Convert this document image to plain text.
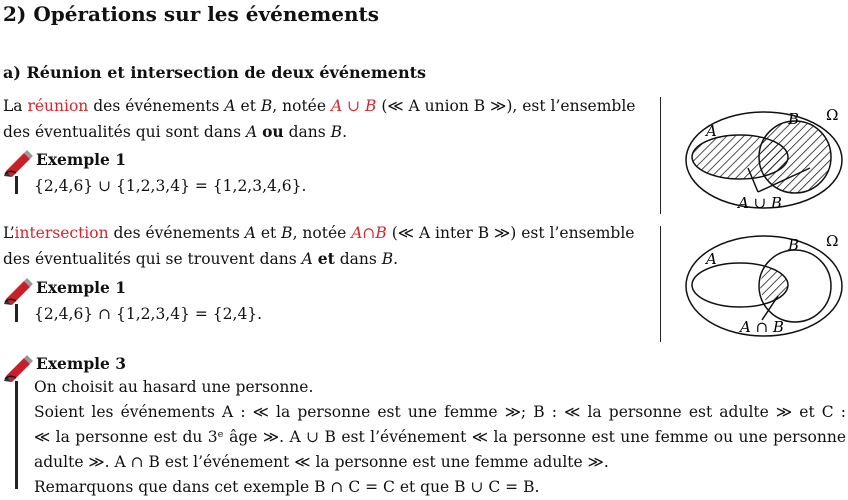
2) Opérations sur les événements
a) Réunion et intersection de deux événements
La réunion des événements A et B, notée A ∪ B (≪ A union B ≫), est l’ensemble
des éventualités qui sont dans A ou dans B.
Exemple 1
{2,4,6} ∪ {1,2,3,4} = {1,2,3,4,6}.
A
B Ω
A ∪ B
L’intersection des événements A et B, notée A∩B (≪ A inter B ≫) est l’ensemble
des éventualités qui se trouvent dans A et dans B.
Exemple 1
{2,4,6} ∩ {1,2,3,4} = {2,4}.
A
B Ω
A ∩ B
Exemple 3
On choisit au hasard une personne.
Soient les événements A : ≪ la personne est une femme ≫; B : ≪ la personne est adulte ≫ et C :
≪ la personne est du 3ᵉ âge ≫. A ∪ B est l’événement ≪ la personne est une femme ou une personne
adulte ≫. A ∩ B est l’événement ≪ la personne est une femme adulte ≫.
Remarquons que dans cet exemple B ∩ C = C et que B ∪ C = B.
